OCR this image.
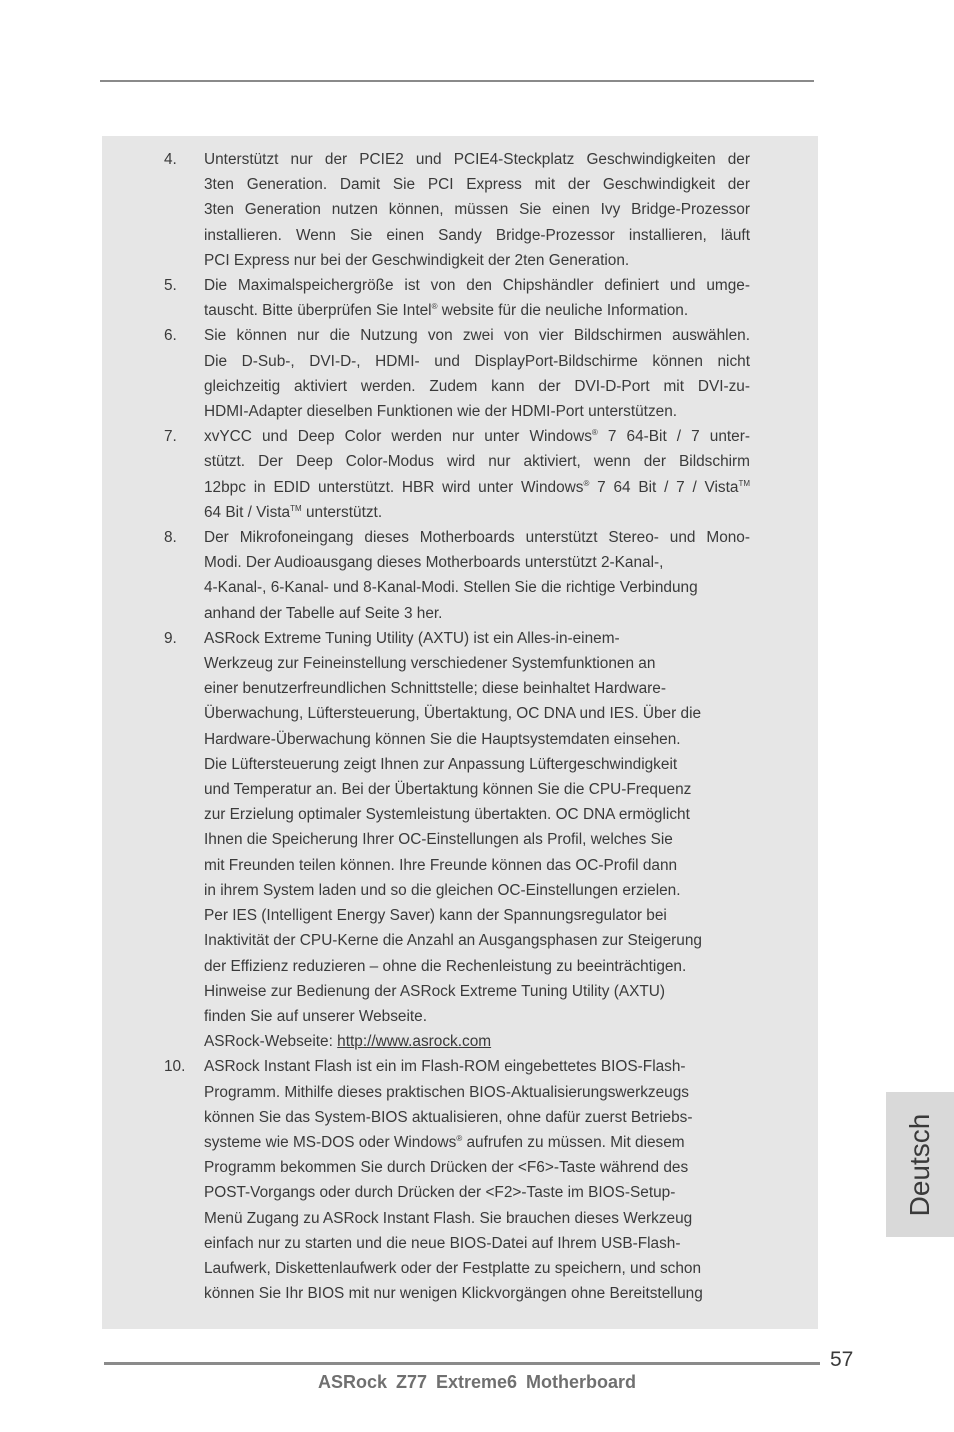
4.	Unterstützt nur der PCIE2 und PCIE4-Steckplatz Geschwindigkeiten der
3ten Generation. Damit Sie PCI Express mit der Geschwindigkeit der
3ten Generation nutzen können, müssen Sie einen Ivy Bridge-Prozessor
installieren. Wenn Sie einen Sandy Bridge-Prozessor installieren, läuft
PCI Express nur bei der Geschwindigkeit der 2ten Generation.
5.	Die Maximalspeichergröße ist von den Chipshändler definiert und umge-
tauscht. Bitte überprüfen Sie Intel® website für die neuliche Information.
6.	Sie können nur die Nutzung von zwei von vier Bildschirmen auswählen.
Die D-Sub-, DVI-D-, HDMI- und DisplayPort-Bildschirme können nicht
gleichzeitig aktiviert werden. Zudem kann der DVI-D-Port mit DVI-zu-
HDMI-Adapter dieselben Funktionen wie der HDMI-Port unterstützen.
7.	xvYCC und Deep Color werden nur unter Windows® 7 64-Bit / 7 unter-
stützt. Der Deep Color-Modus wird nur aktiviert, wenn der Bildschirm
12bpc in EDID unterstützt. HBR wird unter Windows® 7 64 Bit / 7 / Vista™
64 Bit / Vista™ unterstützt.
8.	Der Mikrofoneingang dieses Motherboards unterstützt Stereo- und Mono-
Modi. Der Audioausgang dieses Motherboards unterstützt 2-Kanal-,
4-Kanal-, 6-Kanal- und 8-Kanal-Modi. Stellen Sie die richtige Verbindung
anhand der Tabelle auf Seite 3 her.
9.	ASRock Extreme Tuning Utility (AXTU) ist ein Alles-in-einem-
Werkzeug zur Feineinstellung verschiedener Systemfunktionen an
einer benutzerfreundlichen Schnittstelle; diese beinhaltet Hardware-
Überwachung, Lüftersteuerung, Übertaktung, OC DNA und IES. Über die
Hardware-Überwachung können Sie die Hauptsystemdaten einsehen.
Die Lüftersteuerung zeigt Ihnen zur Anpassung Lüftergeschwindigkeit
und Temperatur an. Bei der Übertaktung können Sie die CPU-Frequenz
zur Erzielung optimaler Systemleistung übertakten. OC DNA ermöglicht
Ihnen die Speicherung Ihrer OC-Einstellungen als Profil, welches Sie
mit Freunden teilen können. Ihre Freunde können das OC-Profil dann
in ihrem System laden und so die gleichen OC-Einstellungen erzielen.
Per IES (Intelligent Energy Saver) kann der Spannungsregulator bei
Inaktivität der CPU-Kerne die Anzahl an Ausgangsphasen zur Steigerung
der Effizienz reduzieren – ohne die Rechenleistung zu beeinträchtigen.
Hinweise zur Bedienung der ASRock Extreme Tuning Utility (AXTU)
finden Sie auf unserer Webseite.
ASRock-Webseite: http://www.asrock.com
10.	ASRock Instant Flash ist ein im Flash-ROM eingebettetes BIOS-Flash-
Programm. Mithilfe dieses praktischen BIOS-Aktualisierungswerkzeugs
können Sie das System-BIOS aktualisieren, ohne dafür zuerst Betriebs-
systeme wie MS-DOS oder Windows® aufrufen zu müssen. Mit diesem
Programm bekommen Sie durch Drücken der <F6>-Taste während des
POST-Vorgangs oder durch Drücken der <F2>-Taste im BIOS-Setup-
Menü Zugang zu ASRock Instant Flash. Sie brauchen dieses Werkzeug
einfach nur zu starten und die neue BIOS-Datei auf Ihrem USB-Flash-
Laufwerk, Diskettenlaufwerk oder der Festplatte zu speichern, und schon
können Sie Ihr BIOS mit nur wenigen Klickvorgängen ohne Bereitstellung
Deutsch
57
ASRock Z77 Extreme6 Motherboard
